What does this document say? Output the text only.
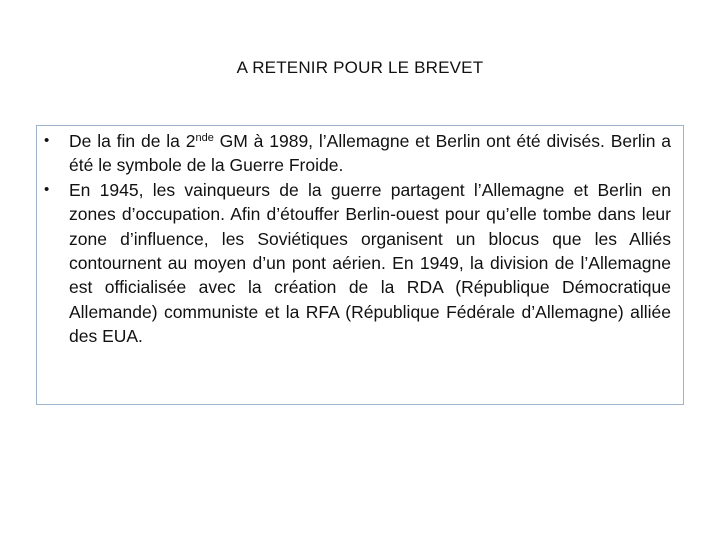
A RETENIR POUR LE BREVET
• De la fin de la 2nde GM à 1989, l’Allemagne et Berlin ont été divisés. Berlin a été le symbole de la Guerre Froide.
• En 1945, les vainqueurs de la guerre partagent l’Allemagne et Berlin en zones d’occupation. Afin d’étouffer Berlin-ouest pour qu’elle tombe dans leur zone d’influence, les Soviétiques organisent un blocus que les Alliés contournent au moyen d’un pont aérien. En 1949, la division de l’Allemagne est officialisée avec la création de la RDA (République Démocratique Allemande) communiste et la RFA (République Fédérale d’Allemagne) alliée des EUA.
